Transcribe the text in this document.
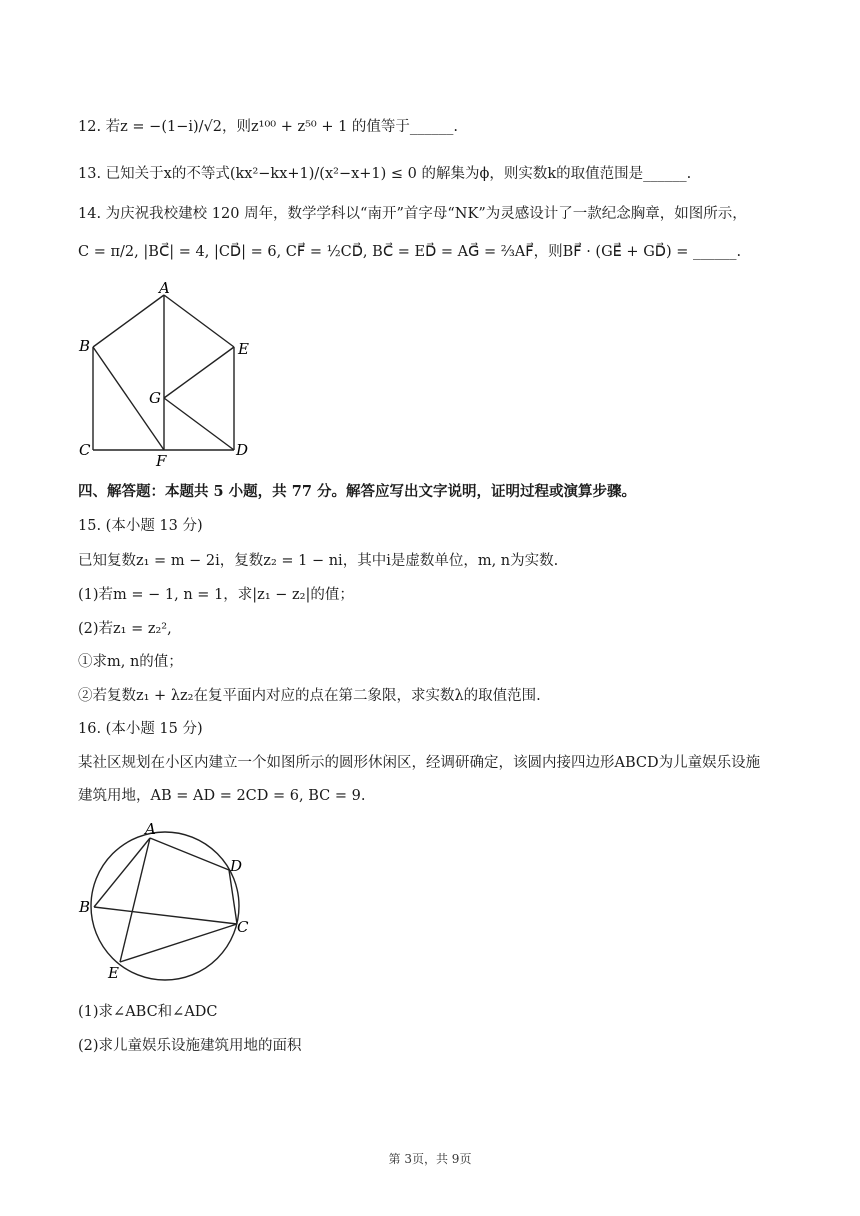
12. 若z = −(1−i)/√2，则z¹⁰⁰ + z⁵⁰ + 1 的值等于______.
13. 已知关于x的不等式(kx²−kx+1)/(x²−x+1) ≤ 0 的解集为ϕ，则实数k的取值范围是______.
14. 为庆祝我校建校 120 周年，数学学科以“南开”首字母“NK”为灵感设计了一款纪念胸章，如图所示，
C = π/2, |BC⃗| = 4, |CD⃗| = 6, CF⃗ = ½CD⃗, BC⃗ = ED⃗ = AG⃗ = ⅔AF⃗，则BF⃗ · (GE⃗ + GD⃗) = ______.
A
B
C	D
E
F
G
四、解答题：本题共 5 小题，共 77 分。解答应写出文字说明，证明过程或演算步骤。
15. (本小题 13 分)
已知复数z₁ = m − 2i，复数z₂ = 1 − ni，其中i是虚数单位，m, n为实数.
(1)若m = − 1, n = 1，求|z₁ − z₂|的值；
(2)若z₁ = z₂²,
①求m, n的值；
②若复数z₁ + λz₂在复平面内对应的点在第二象限，求实数λ的取值范围.
16. (本小题 15 分)
某社区规划在小区内建立一个如图所示的圆形休闲区，经调研确定，该圆内接四边形ABCD为儿童娱乐设施
建筑用地，AB = AD = 2CD = 6, BC = 9.
A
B
C
D
E
(1)求∠ABC和∠ADC
(2)求儿童娱乐设施建筑用地的面积
第 3页，共 9页
